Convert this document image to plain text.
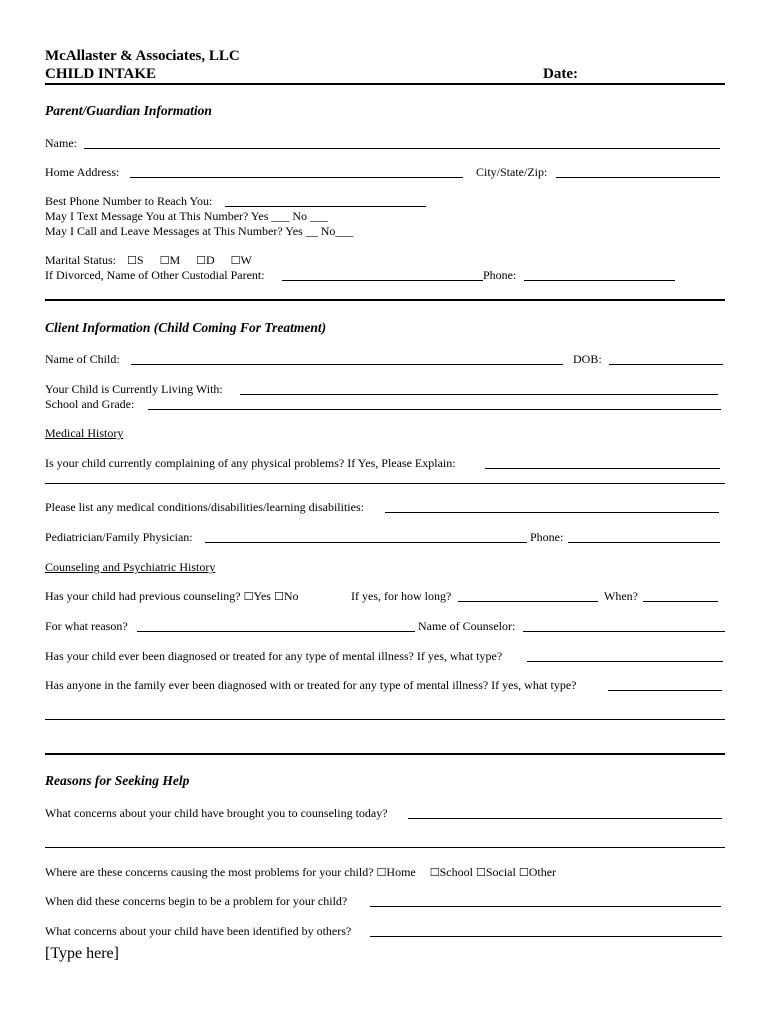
McAllaster & Associates, LLC
CHILD INTAKE	Date:
Parent/Guardian Information
Name:
Home Address:	City/State/Zip:
Best Phone Number to Reach You:
May I Text Message You at This Number? Yes ___ No ___
May I Call and Leave Messages at This Number? Yes __ No___
Marital Status: ☐S ☐M ☐D ☐W
If Divorced, Name of Other Custodial Parent:	Phone:
Client Information (Child Coming For Treatment)
Name of Child:	DOB:
Your Child is Currently Living With:
School and Grade:
Medical History
Is your child currently complaining of any physical problems? If Yes, Please Explain:
Please list any medical conditions/disabilities/learning disabilities:
Pediatrician/Family Physician:	Phone:
Counseling and Psychiatric History
Has your child had previous counseling? ☐Yes ☐No	If yes, for how long?	When?
For what reason?	Name of Counselor:
Has your child ever been diagnosed or treated for any type of mental illness? If yes, what type?
Has anyone in the family ever been diagnosed with or treated for any type of mental illness? If yes, what type?
Reasons for Seeking Help
What concerns about your child have brought you to counseling today?
Where are these concerns causing the most problems for your child? ☐Home ☐School ☐Social ☐Other
When did these concerns begin to be a problem for your child?
What concerns about your child have been identified by others?
[Type here]
